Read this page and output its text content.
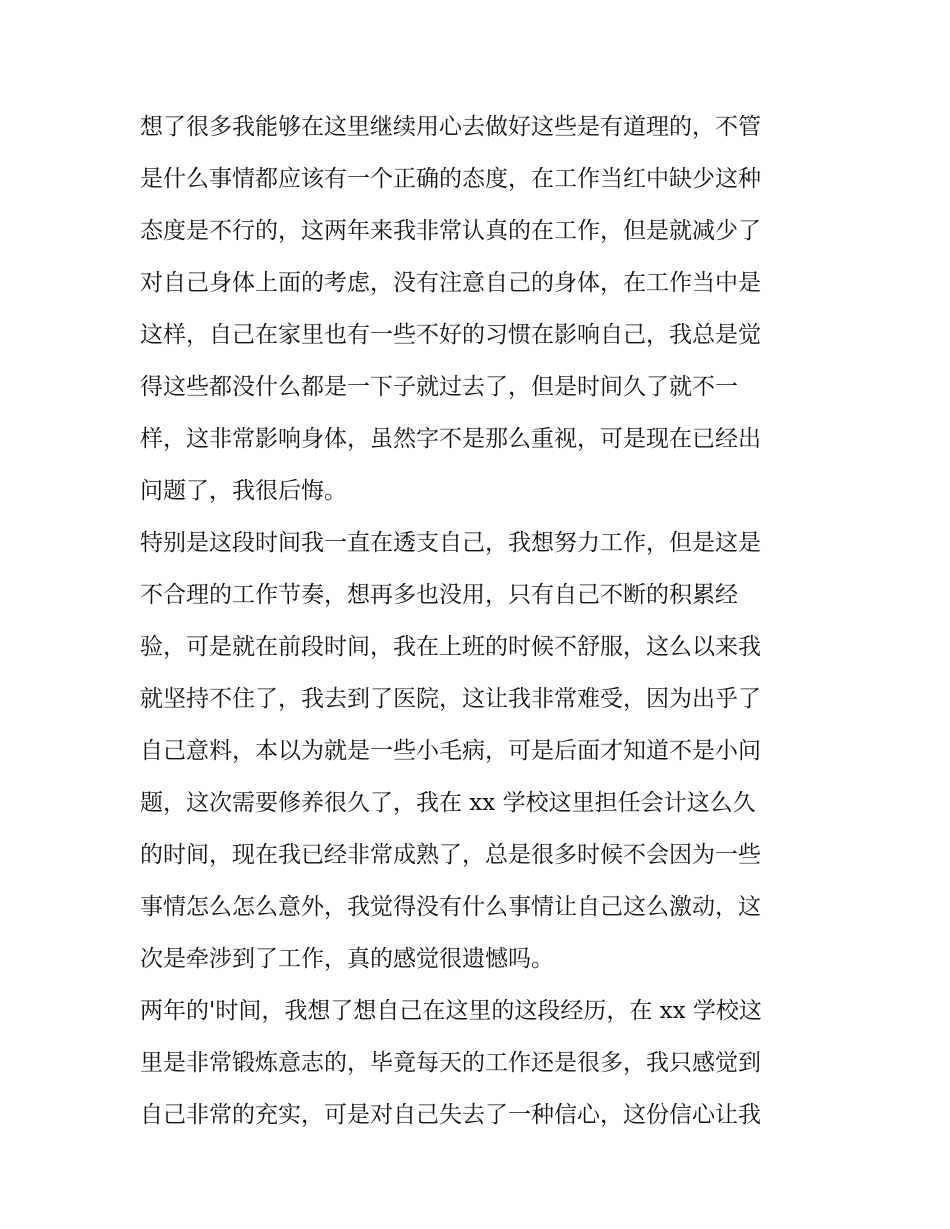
想了很多我能够在这里继续用心去做好这些是有道理的，不管
是什么事情都应该有一个正确的态度，在工作当红中缺少这种
态度是不行的，这两年来我非常认真的在工作，但是就减少了
对自己身体上面的考虑，没有注意自己的身体，在工作当中是
这样，自己在家里也有一些不好的习惯在影响自己，我总是觉
得这些都没什么都是一下子就过去了，但是时间久了就不一
样，这非常影响身体，虽然字不是那么重视，可是现在已经出
问题了，我很后悔。
特别是这段时间我一直在透支自己，我想努力工作，但是这是
不合理的工作节奏，想再多也没用，只有自己不断的积累经
验，可是就在前段时间，我在上班的时候不舒服，这么以来我
就坚持不住了，我去到了医院，这让我非常难受，因为出乎了
自己意料，本以为就是一些小毛病，可是后面才知道不是小问
题，这次需要修养很久了，我在 xx 学校这里担任会计这么久
的时间，现在我已经非常成熟了，总是很多时候不会因为一些
事情怎么怎么意外，我觉得没有什么事情让自己这么激动，这
次是牵涉到了工作，真的感觉很遗憾吗。
两年的'时间，我想了想自己在这里的这段经历，在 xx 学校这
里是非常锻炼意志的，毕竟每天的工作还是很多，我只感觉到
自己非常的充实，可是对自己失去了一种信心，这份信心让我
